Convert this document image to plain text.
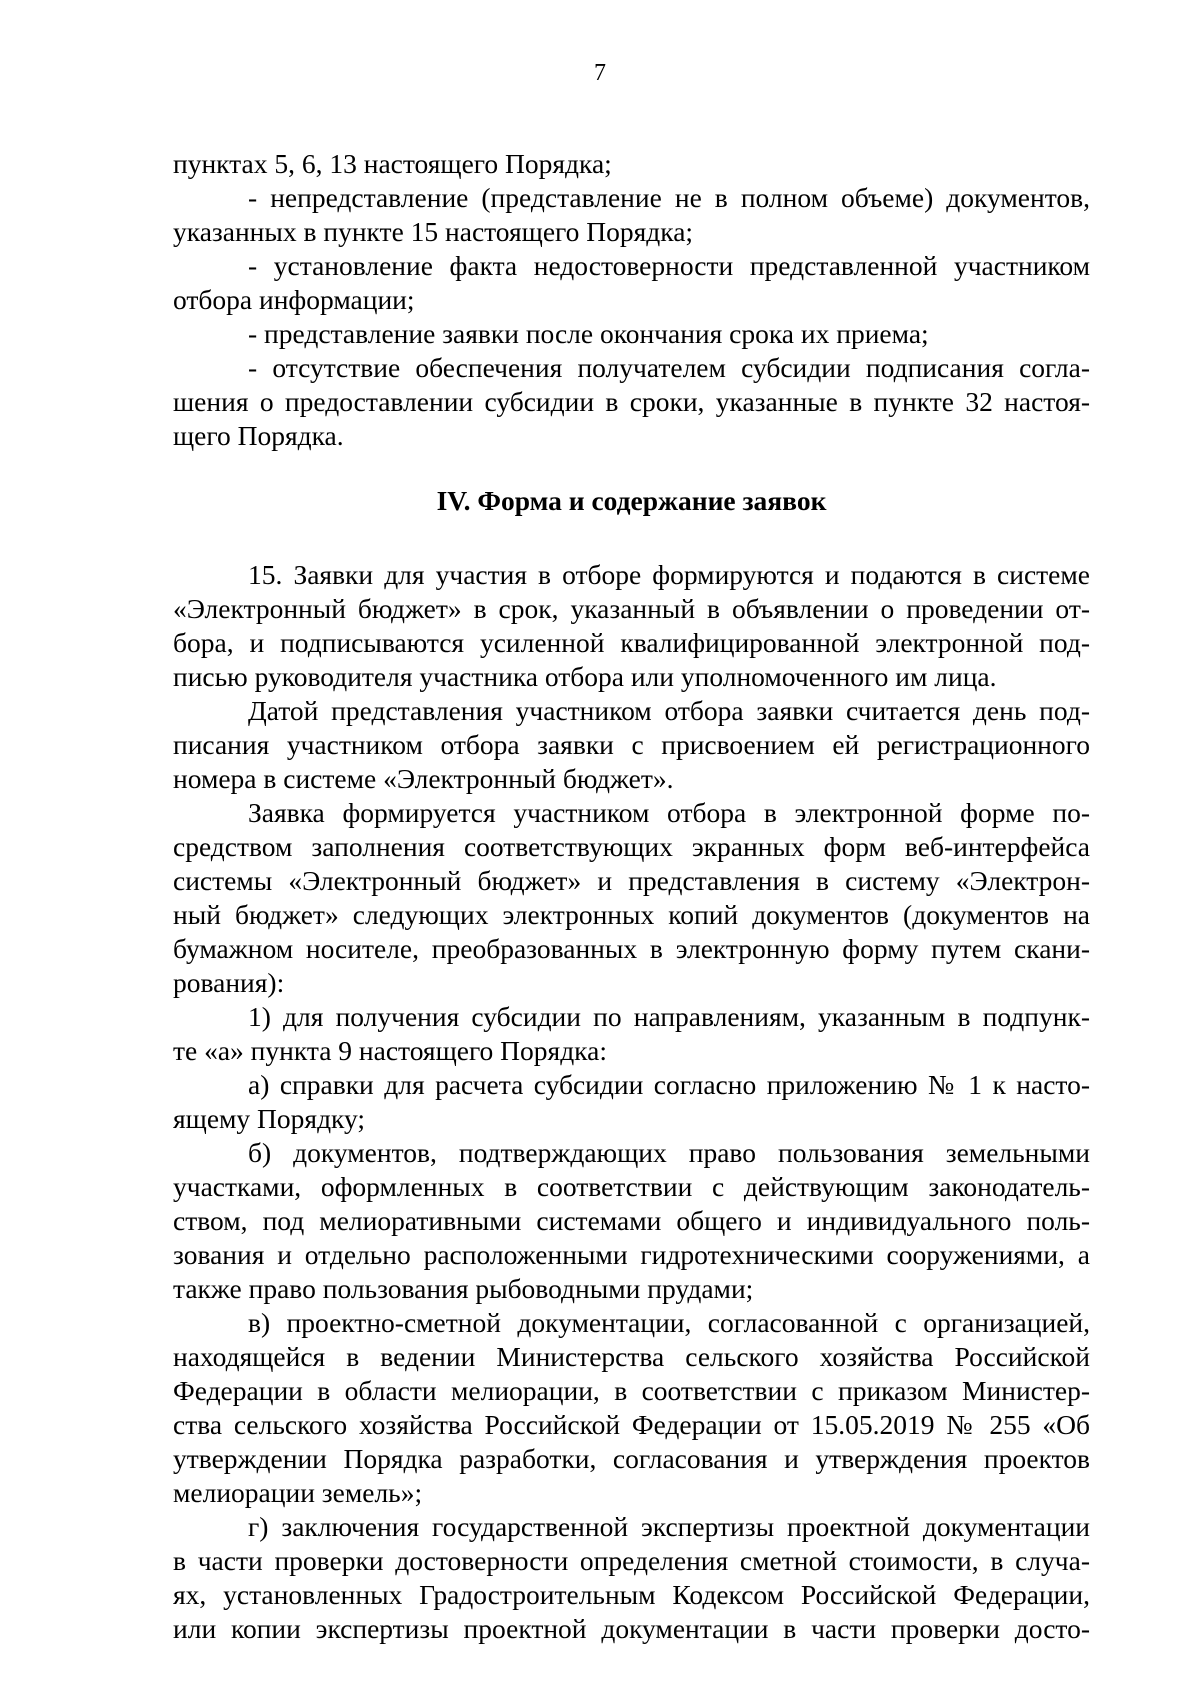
7
пунктах 5, 6, 13 настоящего Порядка;
- непредставление (представление не в полном объеме) документов,
указанных в пункте 15 настоящего Порядка;
- установление факта недостоверности представленной участником
отбора информации;
- представление заявки после окончания срока их приема;
- отсутствие обеспечения получателем субсидии подписания согла-
шения о предоставлении субсидии в сроки, указанные в пункте 32 настоя-
щего Порядка.
IV. Форма и содержание заявок
15. Заявки для участия в отборе формируются и подаются в системе
«Электронный бюджет» в срок, указанный в объявлении о проведении от-
бора, и подписываются усиленной квалифицированной электронной под-
писью руководителя участника отбора или уполномоченного им лица.
Датой представления участником отбора заявки считается день под-
писания участником отбора заявки с присвоением ей регистрационного
номера в системе «Электронный бюджет».
Заявка формируется участником отбора в электронной форме по-
средством заполнения соответствующих экранных форм веб-интерфейса
системы «Электронный бюджет» и представления в систему «Электрон-
ный бюджет» следующих электронных копий документов (документов на
бумажном носителе, преобразованных в электронную форму путем скани-
рования):
1) для получения субсидии по направлениям, указанным в подпунк-
те «а» пункта 9 настоящего Порядка:
а) справки для расчета субсидии согласно приложению № 1 к насто-
ящему Порядку;
б) документов, подтверждающих право пользования земельными
участками, оформленных в соответствии с действующим законодатель-
ством, под мелиоративными системами общего и индивидуального поль-
зования и отдельно расположенными гидротехническими сооружениями, а
также право пользования рыбоводными прудами;
в) проектно-сметной документации, согласованной с организацией,
находящейся в ведении Министерства сельского хозяйства Российской
Федерации в области мелиорации, в соответствии с приказом Министер-
ства сельского хозяйства Российской Федерации от 15.05.2019 № 255 «Об
утверждении Порядка разработки, согласования и утверждения проектов
мелиорации земель»;
г) заключения государственной экспертизы проектной документации
в части проверки достоверности определения сметной стоимости, в случа-
ях, установленных Градостроительным Кодексом Российской Федерации,
или копии экспертизы проектной документации в части проверки досто-
